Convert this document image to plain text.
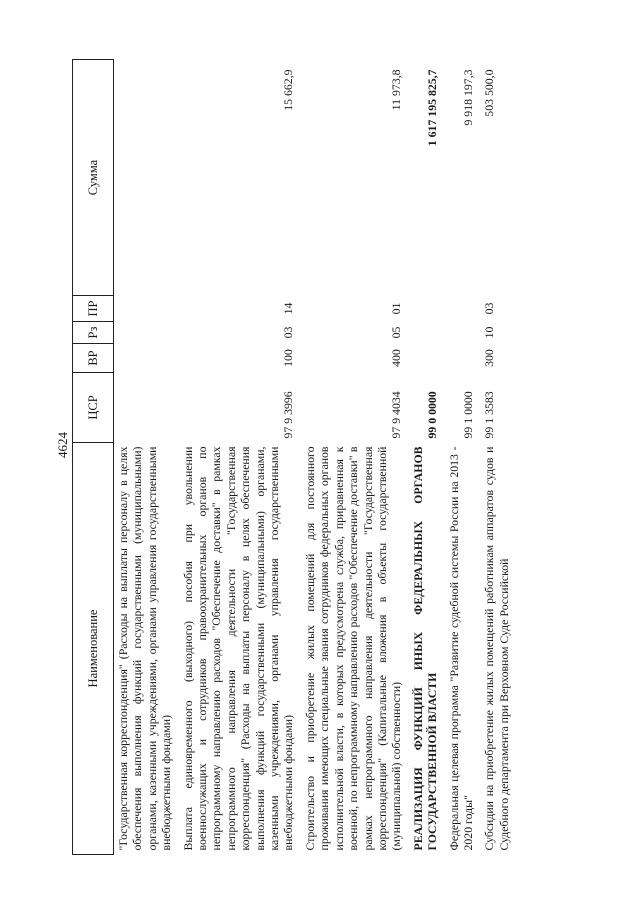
4624
Наименование	ЦСР	ВР	Рз	ПР	Сумма
"Государственная корреспонденция" (Расходы на выплаты персоналу в целях обеспечения выполнения функций государственными (муниципальными) органами, казенными учреждениями, органами управления государственными внебюджетными фондами)					
Выплата единовременного (выходного) пособия при увольнении военнослужащих и сотрудников правоохранительных органов по непрограммному направлению расходов "Обеспечение доставки" в рамках непрограммного направления деятельности "Государственная корреспонденция" (Расходы на выплаты персоналу в целях обеспечения выполнения функций государственными (муниципальными) органами, казенными учреждениями, органами управления государственными внебюджетными фондами)	97 9 3996	100	03	14	15 662,9
Строительство и приобретение жилых помещений для постоянного проживания имеющих специальные звания сотрудников федеральных органов исполнительной власти, в которых предусмотрена служба, приравненная к военной, по непрограммному направлению расходов "Обеспечение доставки" в рамках непрограммного направления деятельности "Государственная корреспонденция" (Капитальные вложения в объекты государственной (муниципальной) собственности)	97 9 4034	400	05	01	11 973,8
РЕАЛИЗАЦИЯ ФУНКЦИЙ ИНЫХ ФЕДЕРАЛЬНЫХ ОРГАНОВ ГОСУДАРСТВЕННОЙ ВЛАСТИ	99 0 0000				1 617 195 825,7
Федеральная целевая программа "Развитие судебной системы России на 2013 - 2020 годы"	99 1 0000				9 918 197,3
Субсидии на приобретение жилых помещений работникам аппаратов судов и Судебного департамента при Верховном Суде Российской	99 1 3583	300	10	03	503 500,0
